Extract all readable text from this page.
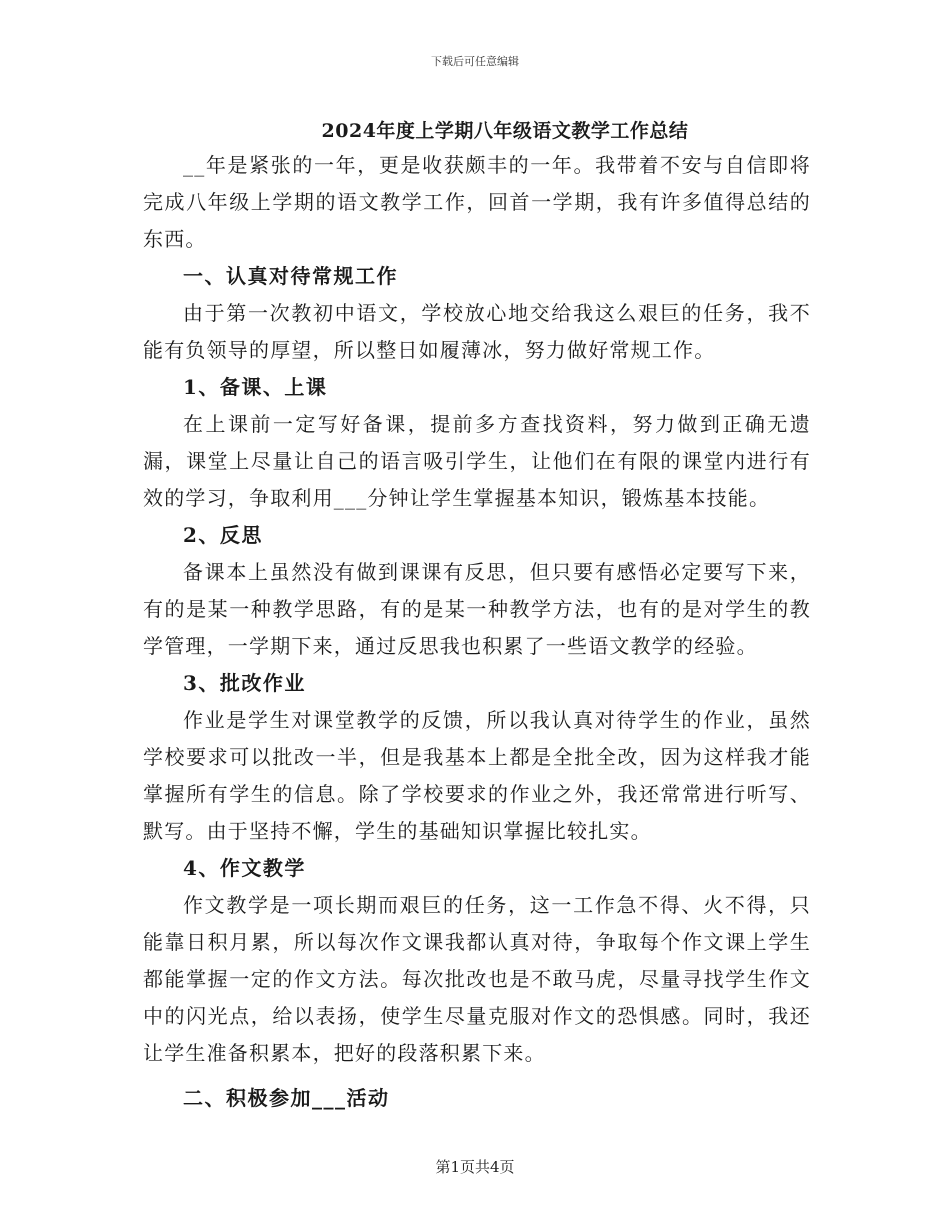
下载后可任意编辑
2024年度上学期八年级语文教学工作总结

__年是紧张的一年，更是收获颇丰的一年。我带着不安与自信即将完成八年级上学期的语文教学工作，回首一学期，我有许多值得总结的东西。

一、认真对待常规工作

由于第一次教初中语文，学校放心地交给我这么艰巨的任务，我不能有负领导的厚望，所以整日如履薄冰，努力做好常规工作。

1、备课、上课

在上课前一定写好备课，提前多方查找资料，努力做到正确无遗漏，课堂上尽量让自己的语言吸引学生，让他们在有限的课堂内进行有效的学习，争取利用___分钟让学生掌握基本知识，锻炼基本技能。

2、反思

备课本上虽然没有做到课课有反思，但只要有感悟必定要写下来，有的是某一种教学思路，有的是某一种教学方法，也有的是对学生的教学管理，一学期下来，通过反思我也积累了一些语文教学的经验。

3、批改作业

作业是学生对课堂教学的反馈，所以我认真对待学生的作业，虽然学校要求可以批改一半，但是我基本上都是全批全改，因为这样我才能掌握所有学生的信息。除了学校要求的作业之外，我还常常进行听写、默写。由于坚持不懈，学生的基础知识掌握比较扎实。

4、作文教学

作文教学是一项长期而艰巨的任务，这一工作急不得、火不得，只能靠日积月累，所以每次作文课我都认真对待，争取每个作文课上学生都能掌握一定的作文方法。每次批改也是不敢马虎，尽量寻找学生作文中的闪光点，给以表扬，使学生尽量克服对作文的恐惧感。同时，我还让学生准备积累本，把好的段落积累下来。

二、积极参加___活动

第1页共4页
